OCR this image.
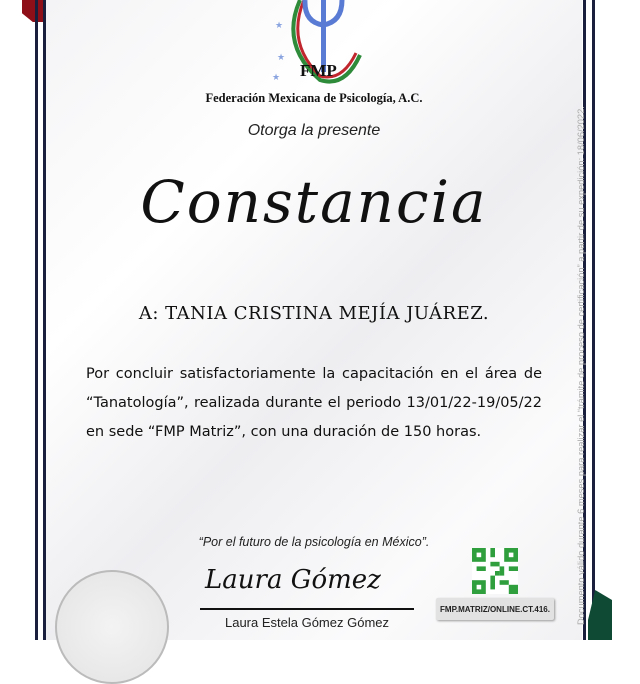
★
★
★ FMP
Federación Mexicana de Psicología, A.C.
Otorga la presente
Constancia
A: TANIA CRISTINA MEJÍA JUÁREZ.
Por concluir satisfactoriamente la capacitación en el área de “Tanatología”, realizada durante el periodo 13/01/22-19/05/22 en sede “FMP Matriz”, con una duración de 150 horas.
“Por el futuro de la psicología en México”.
Laura Gómez
Laura Estela Gómez Gómez
FMP.MATRIZ/ONLINE.CT.416.	Documento válido durante 6 meses para realizar el “trámite de proceso de certificación” a partir de su expedición: 18/06/2022.
